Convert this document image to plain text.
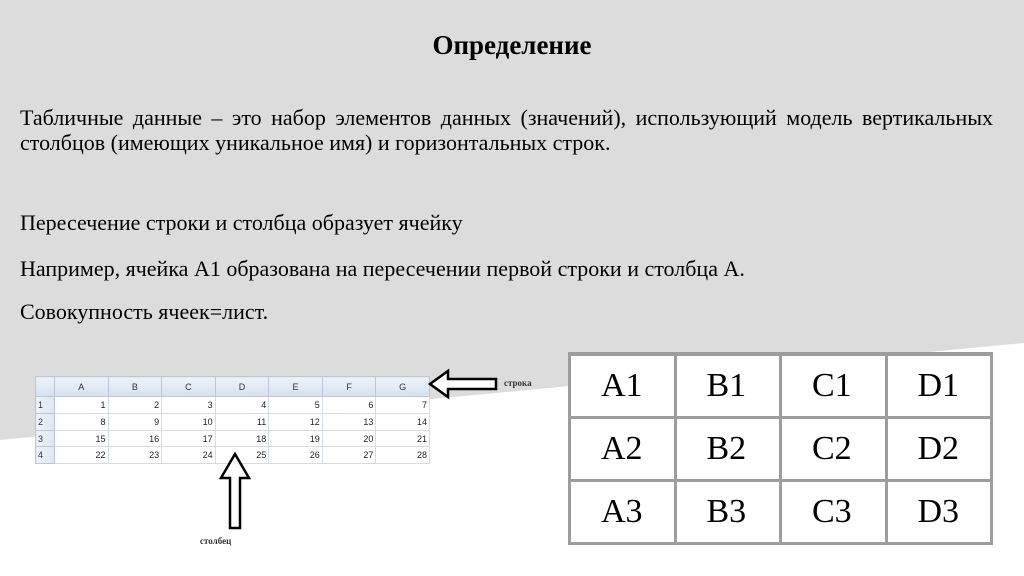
Определение
Табличные данные – это набор элементов данных (значений), использующий модель вертикальных столбцов (имеющих уникальное имя) и горизонтальных строк.
Пересечение строки и столбца образует ячейку
Например, ячейка А1 образована на пересечении первой строки и столбца А.
Совокупность ячеек=лист.
	A	B	C	D	E	F	G
1	1	2	3	4	5	6	7
2	8	9	10	11	12	13	14
3	15	16	17	18	19	20	21
4	22	23	24	25	26	27	28
строка
столбец
A1	B1	C1	D1
A2	B2	C2	D2
A3	B3	C3	D3
